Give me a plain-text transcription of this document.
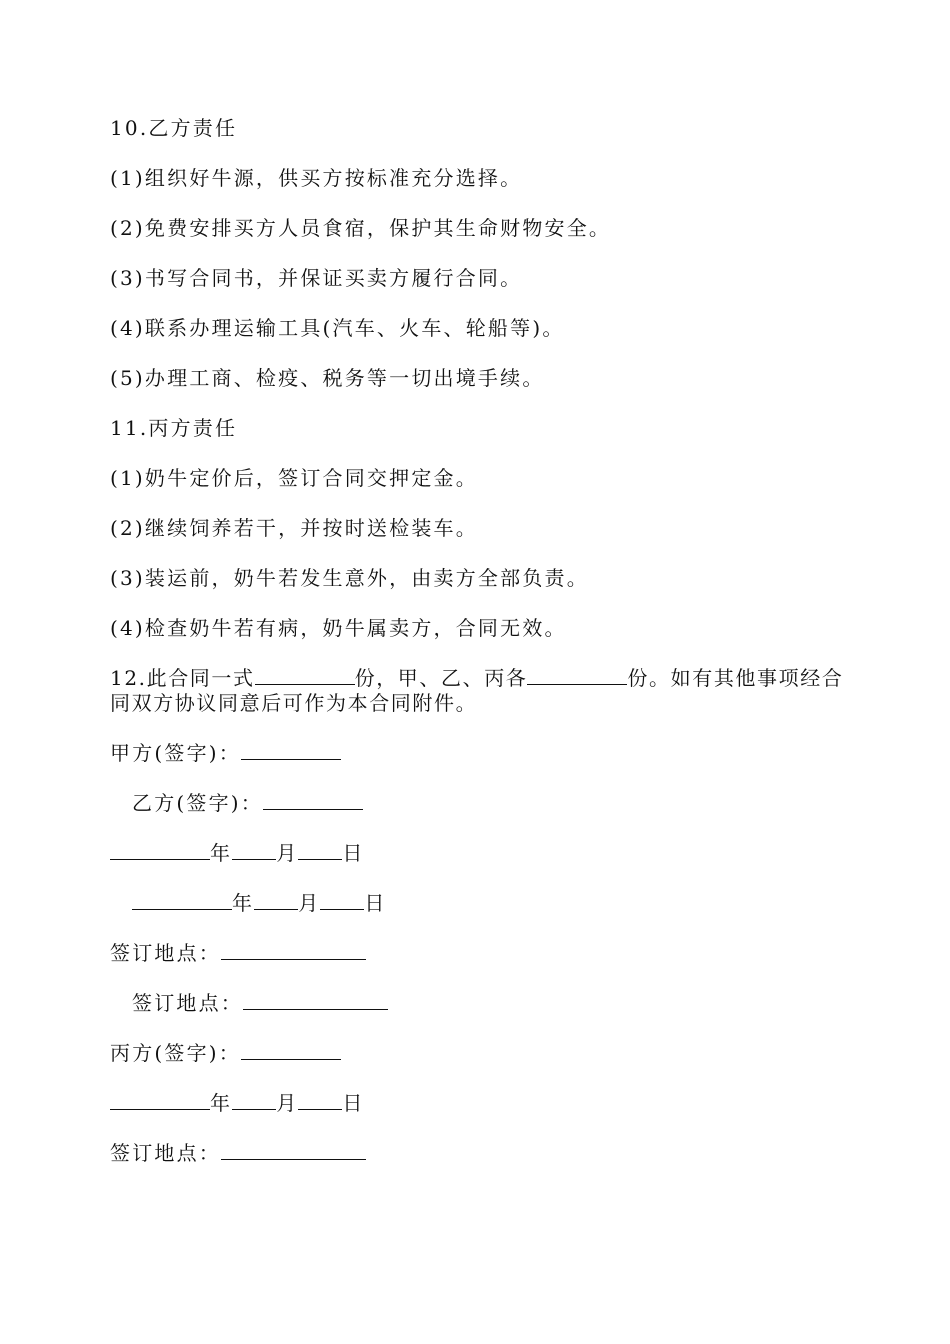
10.乙方责任
(1)组织好牛源，供买方按标准充分选择。
(2)免费安排买方人员食宿，保护其生命财物安全。
(3)书写合同书，并保证买卖方履行合同。
(4)联系办理运输工具(汽车、火车、轮船等)。
(5)办理工商、检疫、税务等一切出境手续。
11.丙方责任
(1)奶牛定价后，签订合同交押定金。
(2)继续饲养若干，并按时送检装车。
(3)装运前，奶牛若发生意外，由卖方全部负责。
(4)检查奶牛若有病，奶牛属卖方，合同无效。
12.此合同一式	份，甲、乙、丙各	份。如有其他事项经合同双方协议同意后可作为本合同附件。
甲方(签字)：
乙方(签字)：
年 月 日
年 月 日
签订地点：
签订地点：
丙方(签字)：
年 月 日
签订地点：
